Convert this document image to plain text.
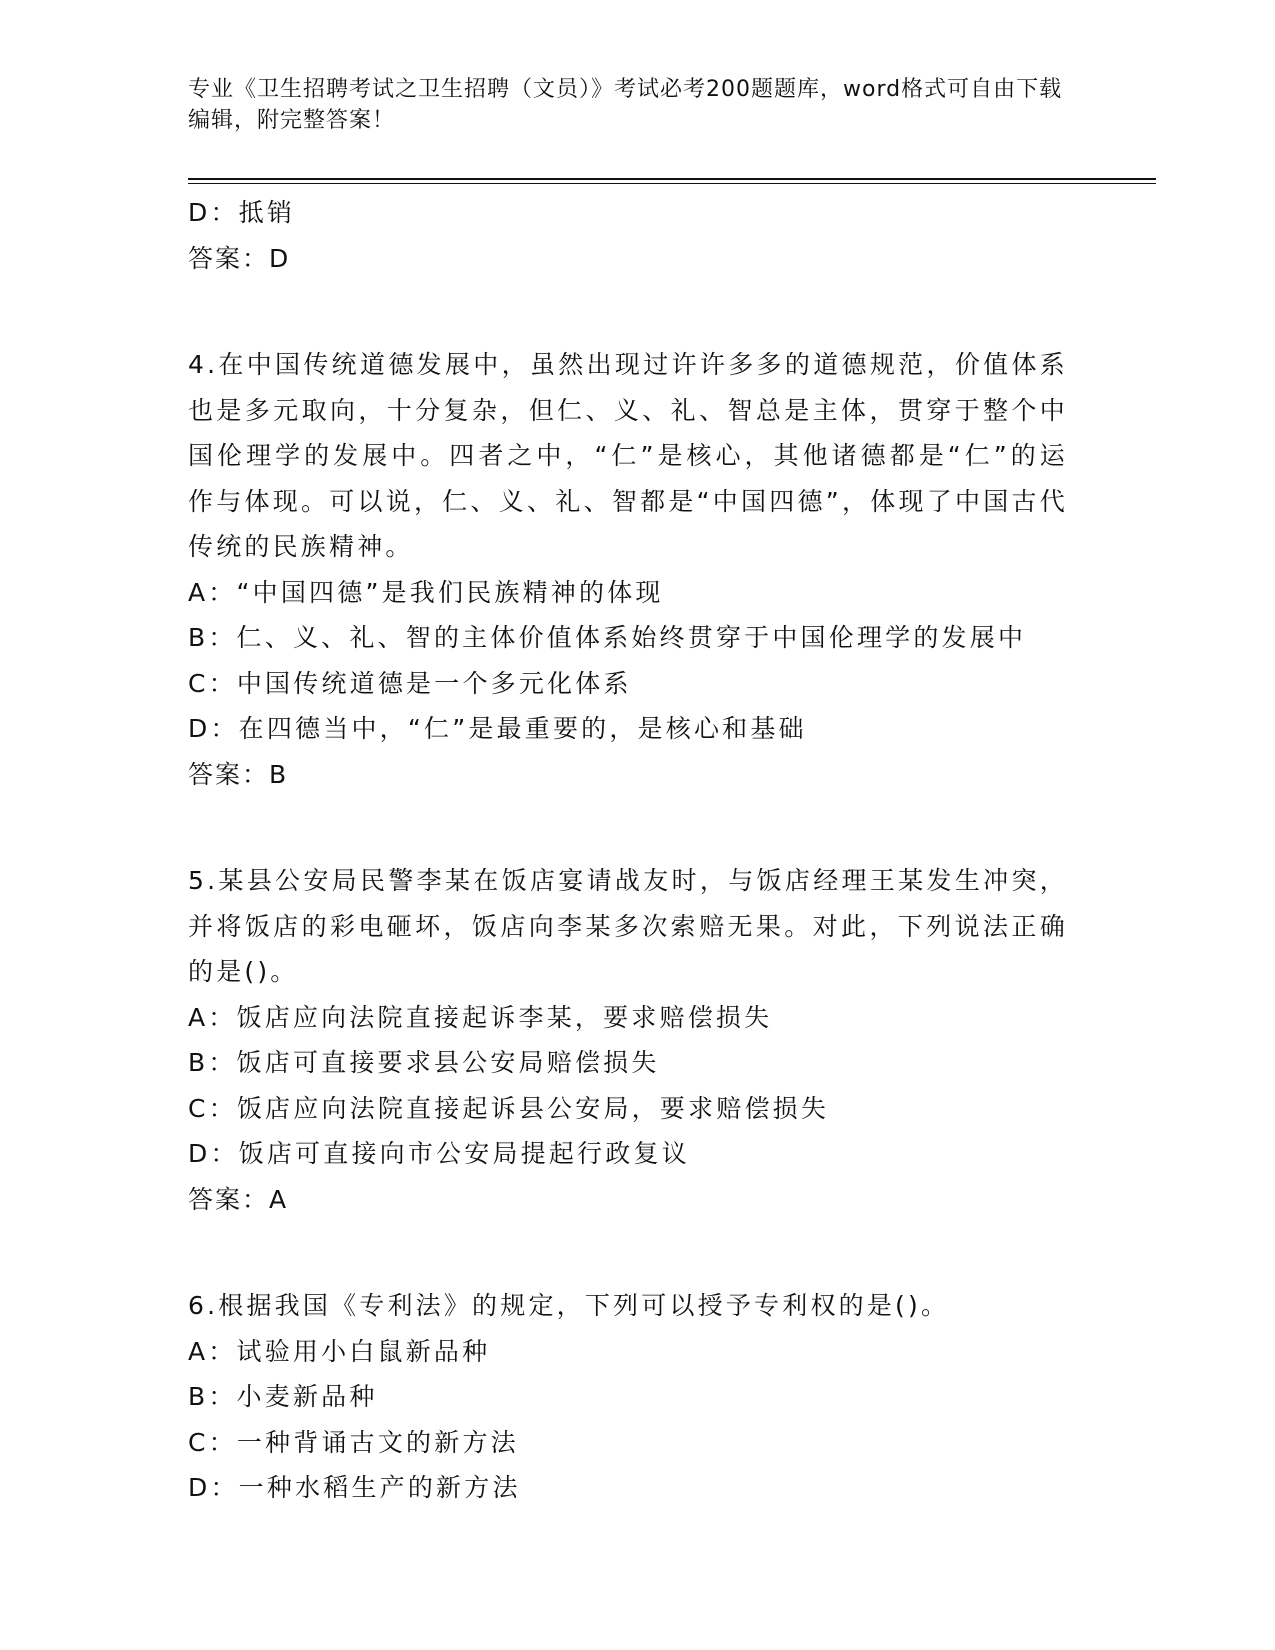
专业《卫生招聘考试之卫生招聘（文员）》考试必考200题题库，word格式可自由下载编辑，附完整答案！

D：抵销

答案：D

4.在中国传统道德发展中，虽然出现过许许多多的道德规范，价值体系也是多元取向，十分复杂，但仁、义、礼、智总是主体，贯穿于整个中国伦理学的发展中。四者之中，“仁”是核心，其他诸德都是“仁”的运作与体现。可以说，仁、义、礼、智都是“中国四德”，体现了中国古代传统的民族精神。

A：“中国四德”是我们民族精神的体现

B：仁、义、礼、智的主体价值体系始终贯穿于中国伦理学的发展中

C：中国传统道德是一个多元化体系

D：在四德当中，“仁”是最重要的，是核心和基础

答案：B

5.某县公安局民警李某在饭店宴请战友时，与饭店经理王某发生冲突，并将饭店的彩电砸坏，饭店向李某多次索赔无果。对此，下列说法正确的是()。

A：饭店应向法院直接起诉李某，要求赔偿损失

B：饭店可直接要求县公安局赔偿损失

C：饭店应向法院直接起诉县公安局，要求赔偿损失

D：饭店可直接向市公安局提起行政复议

答案：A

6.根据我国《专利法》的规定，下列可以授予专利权的是()。

A：试验用小白鼠新品种

B：小麦新品种

C：一种背诵古文的新方法

D：一种水稻生产的新方法
